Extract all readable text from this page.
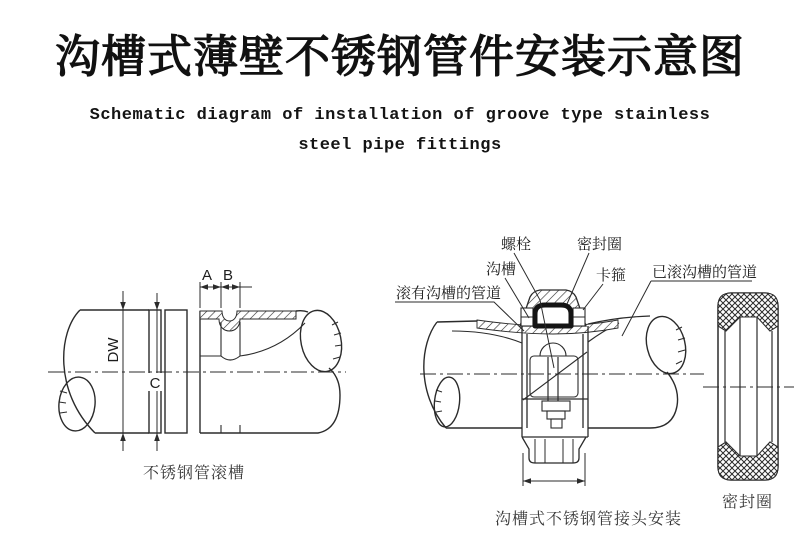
沟槽式薄壁不锈钢管件安装示意图
Schematic diagram of installation of groove type stainless
steel pipe fittings
A B
DW
C
不锈钢管滚槽
滚有沟槽的管道
沟槽
螺栓	密封圈
卡箍 已滚沟槽的管道
沟槽式不锈钢管接头安装
密封圈
